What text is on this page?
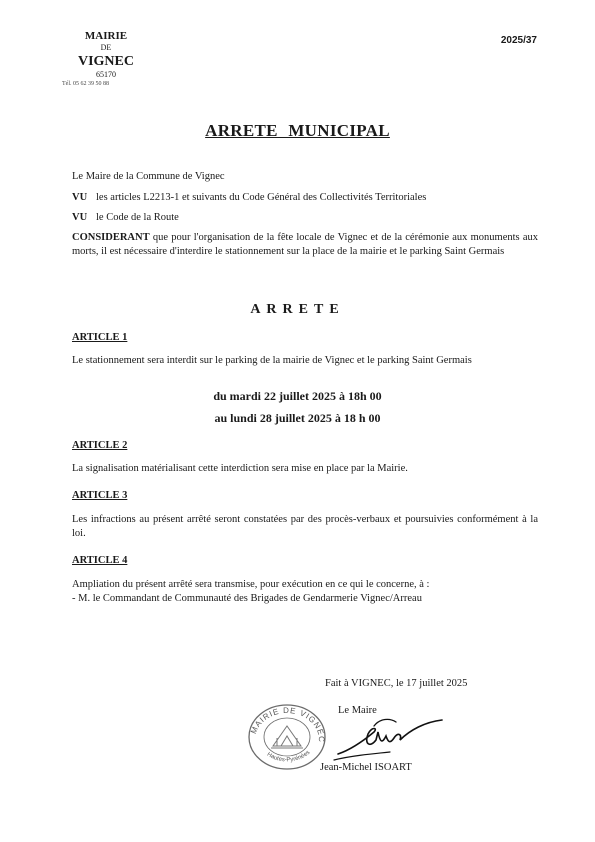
MAIRIE
DE
VIGNEC
65170
Tél. 05 62 39 50 88
2025/37
ARRETE MUNICIPAL
Le Maire de la Commune de Vignec
VU les articles L2213-1 et suivants du Code Général des Collectivités Territoriales
VU le Code de la Route
CONSIDERANT que pour l'organisation de la fête locale de Vignec et de la cérémonie aux monuments aux morts, il est nécessaire d'interdire le stationnement sur la place de la mairie et le parking Saint Germais
ARRETE
ARTICLE 1
Le stationnement sera interdit sur le parking de la mairie de Vignec et le parking Saint Germais
du mardi 22 juillet 2025 à 18h 00
au lundi 28 juillet 2025 à 18 h 00
ARTICLE 2
La signalisation matérialisant cette interdiction sera mise en place par la Mairie.
ARTICLE 3
Les infractions au présent arrêté seront constatées par des procès-verbaux et poursuivies conformément à la loi.
ARTICLE 4
Ampliation du présent arrêté sera transmise, pour exécution en ce qui le concerne, à :
- M. le Commandant de Communauté des Brigades de Gendarmerie Vignec/Arreau
Fait à VIGNEC, le 17 juillet 2025
Le Maire
Jean-Michel ISOART
MAIRIE DE VIGNEC
Hautes-Pyrénées
